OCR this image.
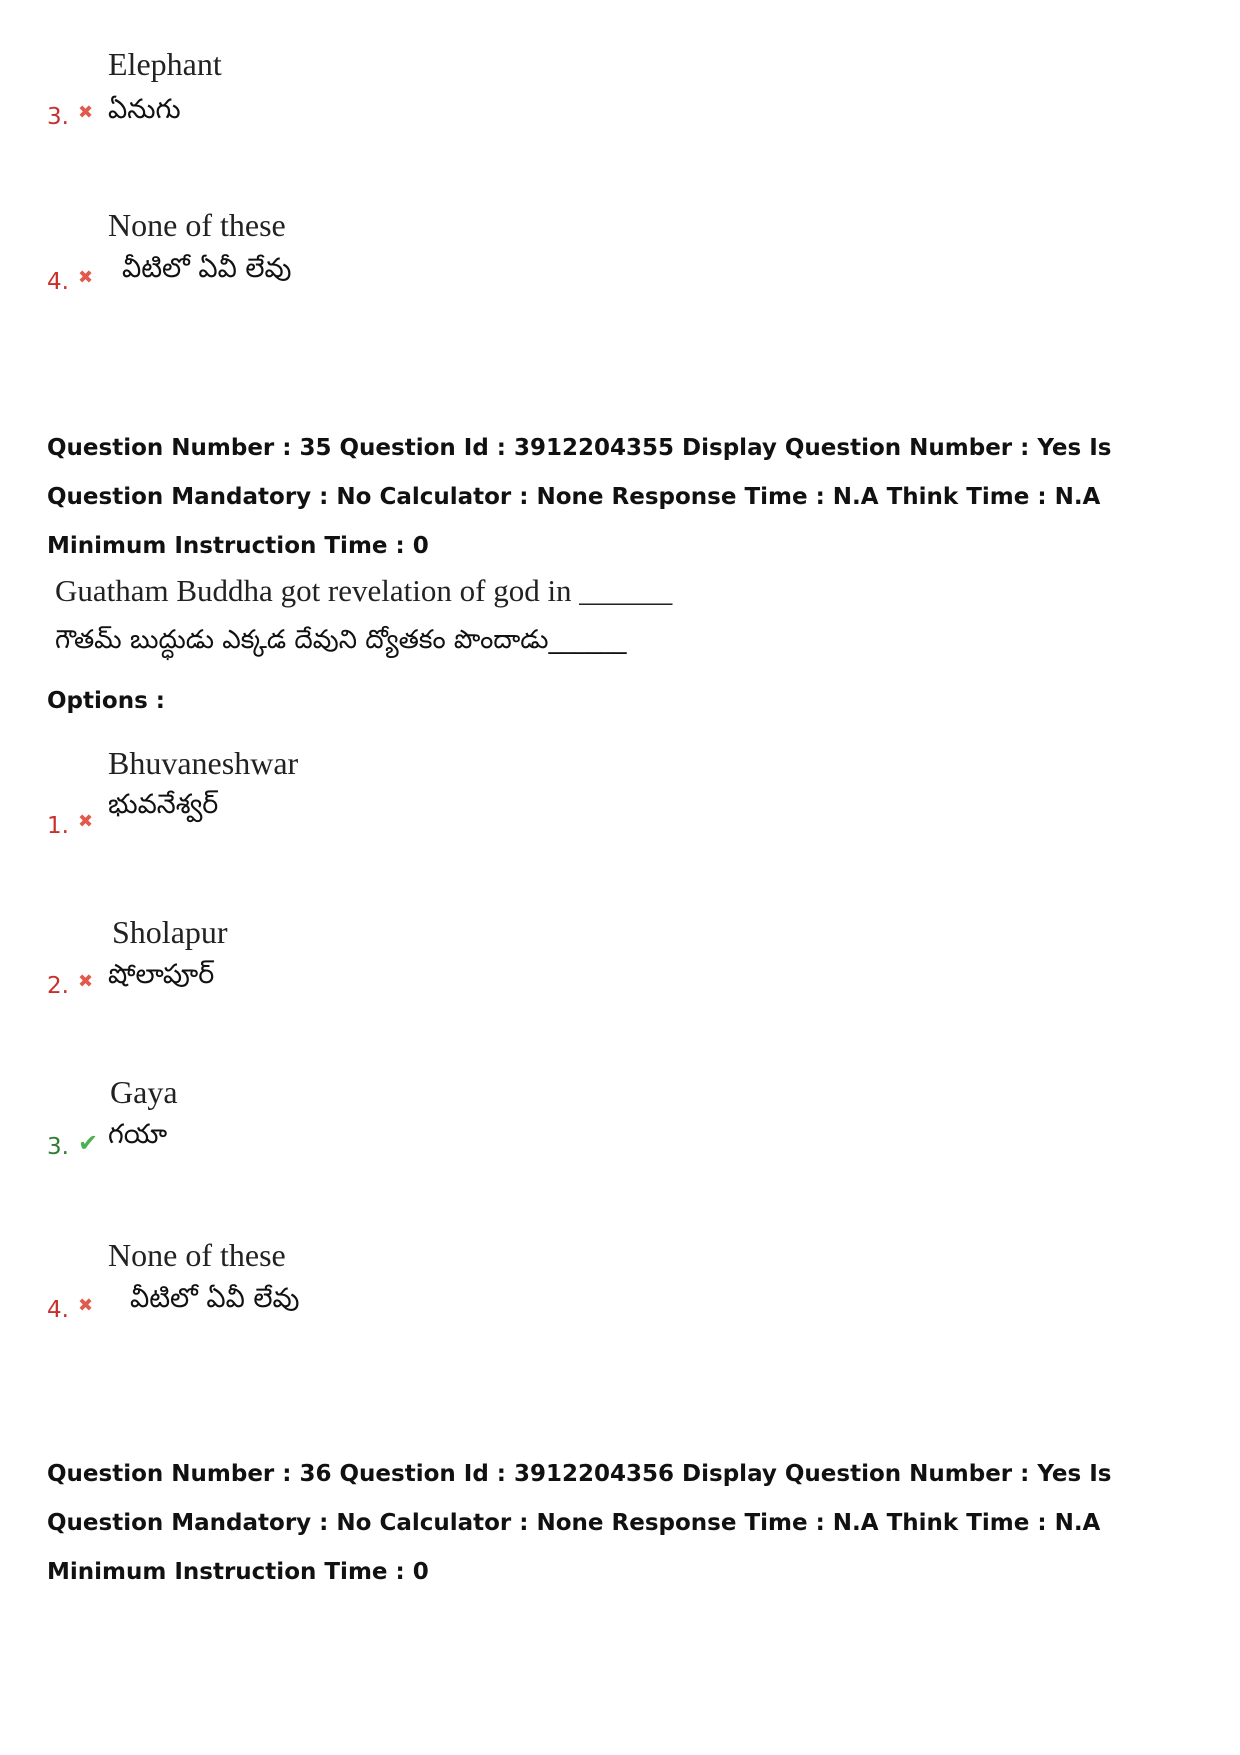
Elephant
3. ✖ ఏనుగు
None of these
4. ✖ వీటిలో ఏవీ లేవు
Question Number : 35 Question Id : 3912204355 Display Question Number : Yes Is Question Mandatory : No Calculator : None Response Time : N.A Think Time : N.A Minimum Instruction Time : 0
Guatham Buddha got revelation of god in ______
గౌతమ్ బుద్ధుడు ఎక్కడ దేవుని ద్యోతకం పొందాడు______
Options :
Bhuvaneshwar
1. ✖
భువనేశ్వర్
Sholapur
2. ✖ షోలాపూర్
Gaya
3. ✔ గయా
None of these
4. ✖ వీటిలో ఏవీ లేవు
Question Number : 36 Question Id : 3912204356 Display Question Number : Yes Is Question Mandatory : No Calculator : None Response Time : N.A Think Time : N.A Minimum Instruction Time : 0
